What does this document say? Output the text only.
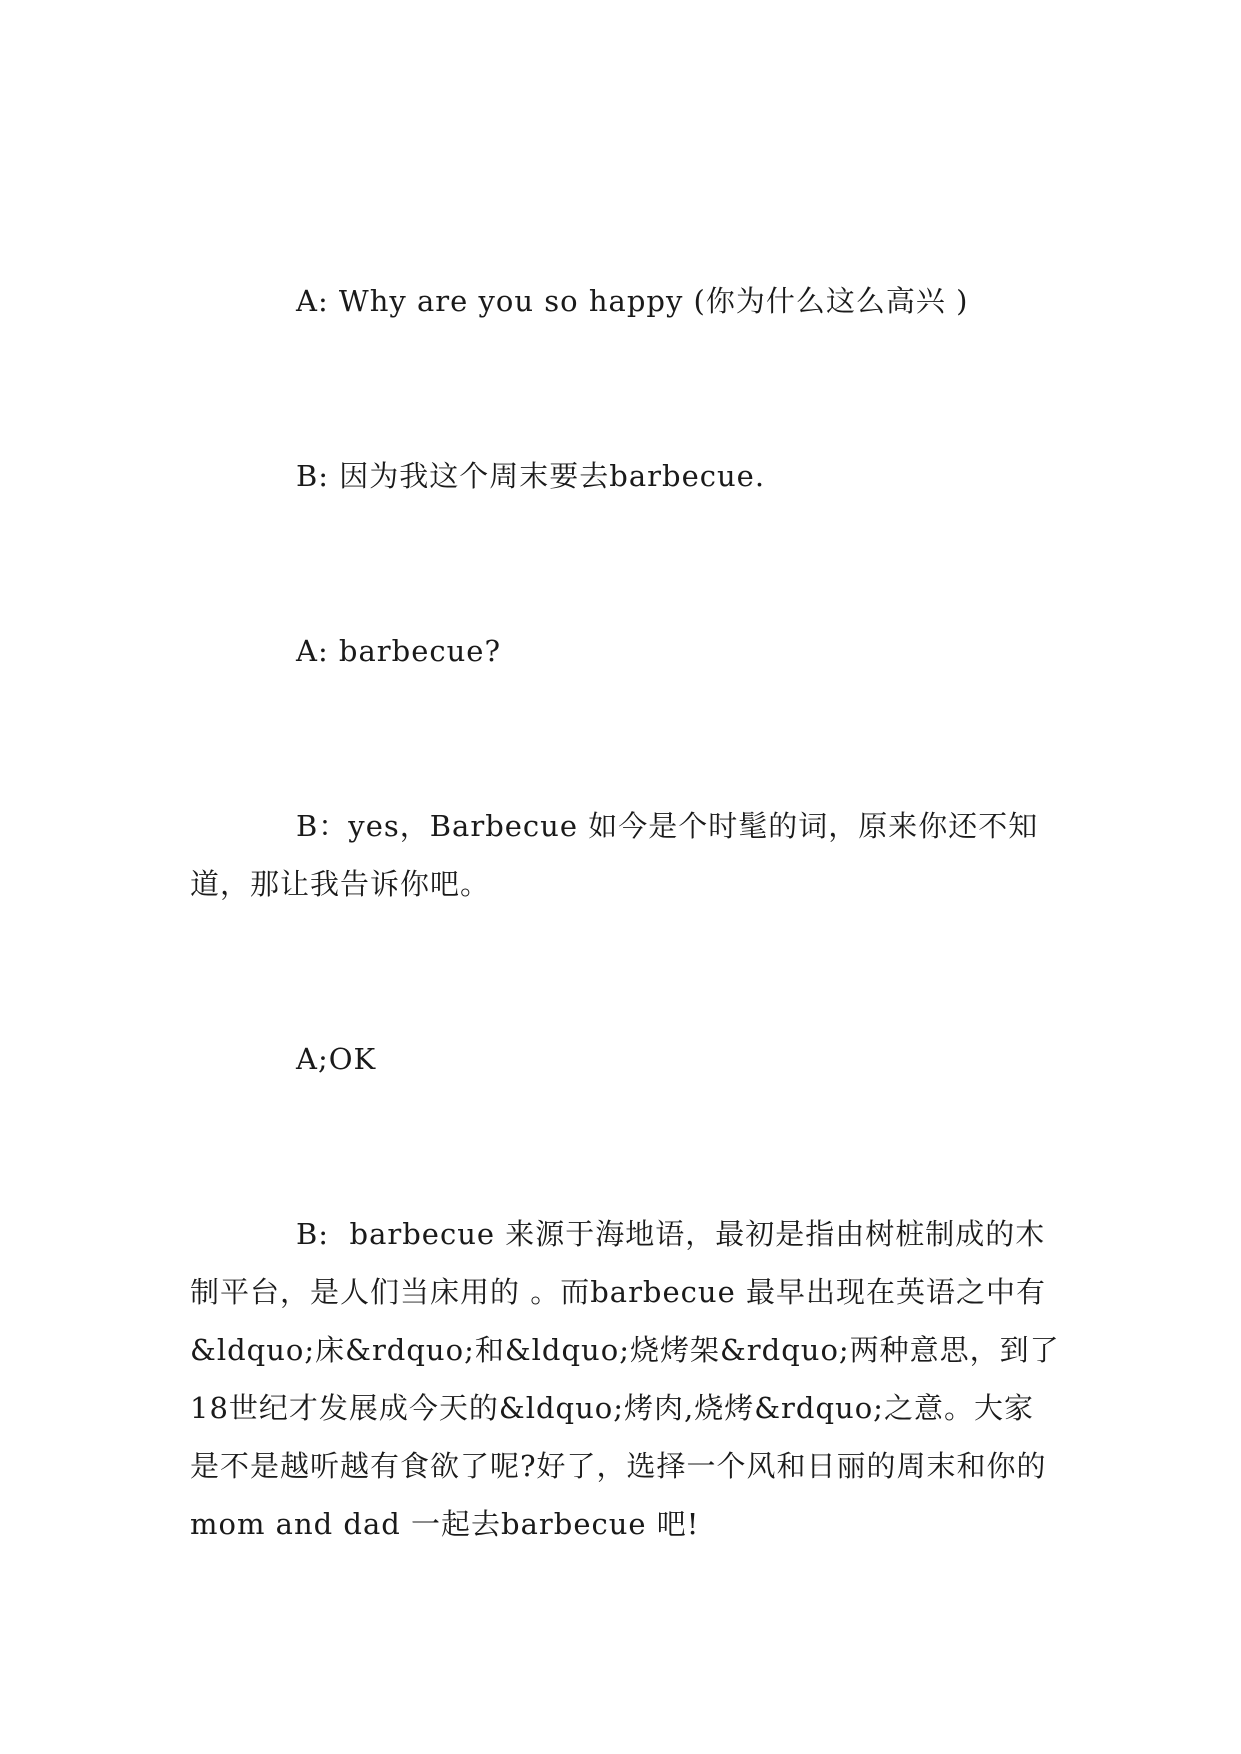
A: Why are you so happy (你为什么这么高兴 )

B: 因为我这个周末要去barbecue.

A: barbecue?

B：yes，Barbecue 如今是个时髦的词，原来你还不知道，那让我告诉你吧。

A;OK

B:  barbecue 来源于海地语，最初是指由树桩制成的木制平台，是人们当床用的 。而barbecue 最早出现在英语之中有&ldquo;床&rdquo;和&ldquo;烧烤架&rdquo;两种意思，到了18世纪才发展成今天的&ldquo;烤肉,烧烤&rdquo;之意。大家是不是越听越有食欲了呢?好了，选择一个风和日丽的周末和你的mom and dad 一起去barbecue 吧!
